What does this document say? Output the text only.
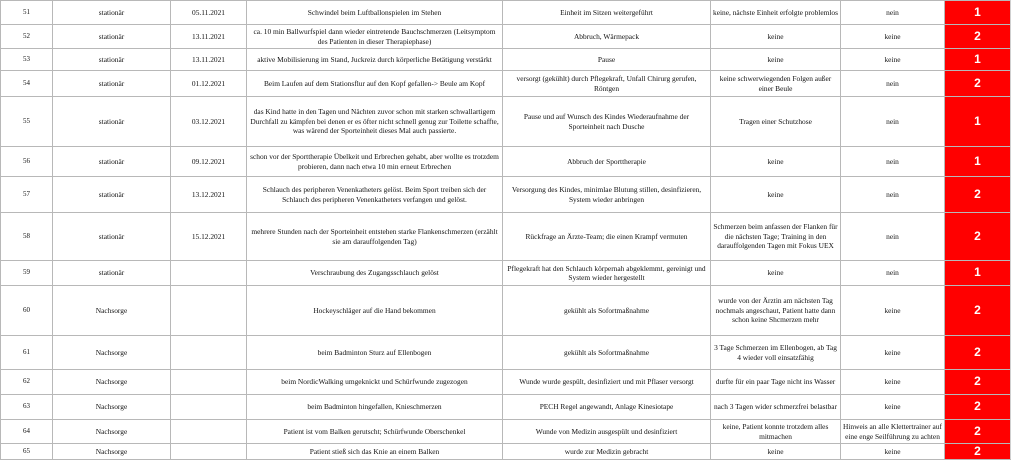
51	stationär	05.11.2021	Schwindel beim Luftballonspielen im Stehen	Einheit im Sitzen weitergeführt	keine, nächste Einheit erfolgte problemlos	nein	1
52	stationär	13.11.2021	ca. 10 min Ballwurfspiel dann wieder eintretende Bauchschmerzen (Leitsymptom des Patienten in dieser Therapiephase)	Abbruch, Wärmepack	keine	keine	2
53	stationär	13.11.2021	aktive Mobilisierung im Stand, Juckreiz durch körperliche Betätigung verstärkt	Pause	keine	keine	1
54	stationär	01.12.2021	Beim Laufen auf dem Stationsflur auf den Kopf gefallen-> Beule am Kopf	versorgt (gekühlt) durch Pflegekraft, Unfall Chirurg gerufen, Röntgen	keine schwerwiegenden Folgen außer einer Beule	nein	2
55	stationär	03.12.2021	das Kind hatte in den Tagen und Nächten zuvor schon mit starken schwallartigem Durchfall zu kämpfen bei denen er es öfter nicht schnell genug zur Toilette schaffte, was wärend der Sporteinheit dieses Mal auch passierte.	Pause und auf Wunsch des Kindes Wiederaufnahme der Sporteinheit nach Dusche	Tragen einer Schutzhose	nein	1
56	stationär	09.12.2021	schon vor der Sporttherapie Übelkeit und Erbrechen gehabt, aber wollte es trotzdem probieren, dann nach etwa 10 min erneut Erbrechen	Abbruch der Sporttherapie	keine	nein	1
57	stationär	13.12.2021	Schlauch des peripheren Venenkatheters gelöst. Beim Sport treiben sich der Schlauch des peripheren Venenkatheters verfangen und gelöst.	Versorgung des Kindes, minimlae Blutung stillen, desinfizieren, System wieder anbringen	keine	nein	2
58	stationär	15.12.2021	mehrere Stunden nach der Sporteinheit entstehen starke Flankenschmerzen (erzählt sie am darauffolgenden Tag)	Rückfrage an Ärzte-Team; die einen Krampf vermuten	Schmerzen beim anfassen der Flanken für die nächsten Tage; Training in den darauffolgenden Tagen mit Fokus UEX	nein	2
59	stationär		Verschraubung des Zugangsschlauch gelöst	Pflegekraft hat den Schlauch körpernah abgeklemmt, gereinigt und System wieder hergestellt	keine	nein	1
60	Nachsorge		Hockeyschläger auf die Hand bekommen	gekühlt als Sofortmaßnahme	wurde von der Ärztin am nächsten Tag nochmals angeschaut, Patient hatte dann schon keine Shcmerzen mehr	keine	2
61	Nachsorge		beim Badminton Sturz auf Ellenbogen	gekühlt als Sofortmaßnahme	3 Tage Schmerzen im Ellenbogen, ab Tag 4 wieder voll einsatzfähig	keine	2
62	Nachsorge		beim NordicWalking umgeknickt und Schürfwunde zugezogen	Wunde wurde gespült, desinfiziert und mit Pflaser versorgt	durfte für ein paar Tage nicht ins Wasser	keine	2
63	Nachsorge		beim Badminton hingefallen, Knieschmerzen	PECH Regel angewandt, Anlage Kinesiotape	nach 3 Tagen wider schmerzfrei belastbar	keine	2
64	Nachsorge		Patient ist vom Balken gerutscht; Schürfwunde Oberschenkel	Wunde von Medizin ausgespült und desinfiziert	keine, Patient konnte trotzdem alles mitmachen	Hinweis an alle Klettertrainer auf eine enge Seilführung zu achten	2
65	Nachsorge		Patient stieß sich das Knie an einem Balken	wurde zur Medizin gebracht	keine	keine	2
